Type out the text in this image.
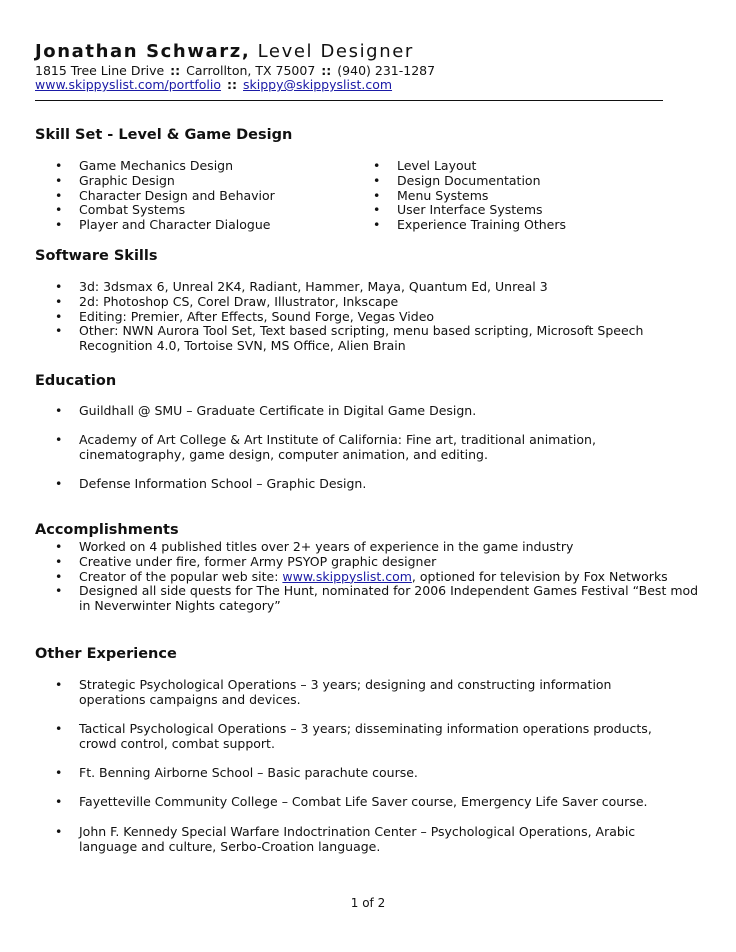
Jonathan Schwarz, Level Designer
1815 Tree Line Drive :: Carrollton, TX 75007 :: (940) 231-1287
www.skippyslist.com/portfolio :: skippy@skippyslist.com
Skill Set - Level & Game Design
• Game Mechanics Design
• Graphic Design
• Character Design and Behavior
• Combat Systems
• Player and Character Dialogue
• Level Layout
• Design Documentation
• Menu Systems
• User Interface Systems
• Experience Training Others
Software Skills
• 3d: 3dsmax 6, Unreal 2K4, Radiant, Hammer, Maya, Quantum Ed, Unreal 3
• 2d: Photoshop CS, Corel Draw, Illustrator, Inkscape
• Editing: Premier, After Effects, Sound Forge, Vegas Video
• Other: NWN Aurora Tool Set, Text based scripting, menu based scripting, Microsoft Speech Recognition 4.0, Tortoise SVN, MS Office, Alien Brain
Education
• Guildhall @ SMU – Graduate Certificate in Digital Game Design.
• Academy of Art College & Art Institute of California: Fine art, traditional animation, cinematography, game design, computer animation, and editing.
• Defense Information School – Graphic Design.
Accomplishments
• Worked on 4 published titles over 2+ years of experience in the game industry
• Creative under fire, former Army PSYOP graphic designer
• Creator of the popular web site: www.skippyslist.com, optioned for television by Fox Networks
• Designed all side quests for The Hunt, nominated for 2006 Independent Games Festival “Best mod in Neverwinter Nights category”
Other Experience
• Strategic Psychological Operations – 3 years; designing and constructing information operations campaigns and devices.
• Tactical Psychological Operations – 3 years; disseminating information operations products, crowd control, combat support.
• Ft. Benning Airborne School – Basic parachute course.
• Fayetteville Community College – Combat Life Saver course, Emergency Life Saver course.
• John F. Kennedy Special Warfare Indoctrination Center – Psychological Operations, Arabic language and culture, Serbo-Croation language.
1 of 2
